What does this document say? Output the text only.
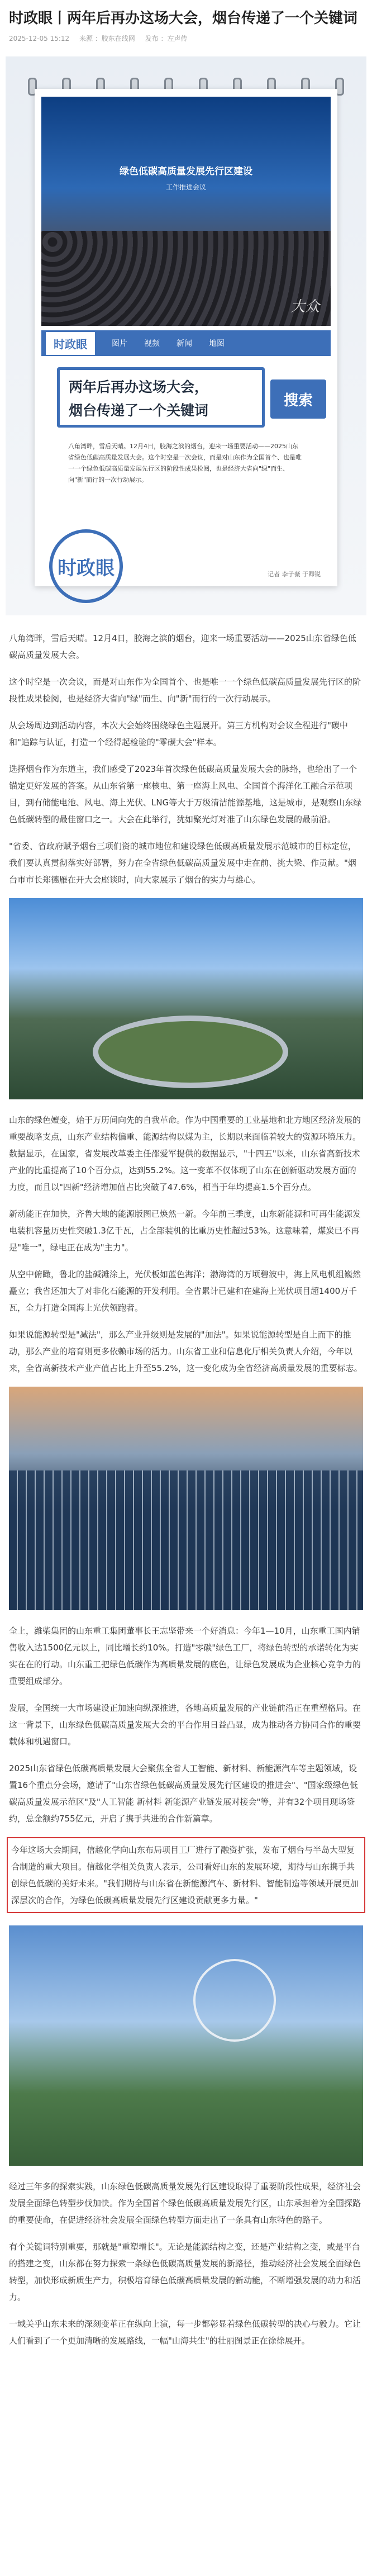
时政眼丨两年后再办这场大会，烟台传递了一个关键词
2025-12-05 15:12 来源 ：胶东在线网 发布 ：左声传
绿色低碳高质量发展先行区建设
工作推进会议
大众
时政眼	图片 视频 新闻 地图
两年后再办这场大会，
烟台传递了一个关键词
搜索
八角湾畔，雪后天晴。12月4日，胶海之滨的烟台，迎来一场重要活动——2025山东省绿色低碳高质量发展大会。这个时空是一次会议，而是对山东作为全国首个、也是唯一一个绿色低碳高质量发展先行区的阶段性成果检阅，也是经济大省向"绿"而生、向"新"而行的一次行动展示。
时政眼	记者 李子薇 于卿锐

八角湾畔，雪后天晴。12月4日，胶海之滨的烟台，迎来一场重要活动——2025山东省绿色低碳高质量发展大会。

这个时空是一次会议，而是对山东作为全国首个、也是唯一一个绿色低碳高质量发展先行区的阶段性成果检阅，也是经济大省向"绿"而生、向"新"而行的一次行动展示。

从会场周边到活动内容，本次大会始终围绕绿色主题展开。第三方机构对会议全程进行"碳中和"追踪与认证，打造一个经得起检验的"零碳大会"样本。

选择烟台作为东道主，我们感受了2023年首次绿色低碳高质量发展大会的脉络，也给出了一个锚定更好发展的答案。从山东省第一座核电、第一座海上风电、全国首个海洋化工融合示范项目，到有储能电池、风电、海上光伏、LNG等大于万级清洁能源基地，这是城市，是观察山东绿色低碳转型的最佳窗口之一。大会在此举行，犹如聚光灯对准了山东绿色发展的最前沿。

"省委、省政府赋予烟台三项们资的城市地位和建设绿色低碳高质量发展示范城市的目标定位，我们要认真贯彻落实好部署，努力在全省绿色低碳高质量发展中走在前、挑大梁、作贡献。"烟台市市长郑德雁在开大会座谈时，向大家展示了烟台的实力与雄心。

山东的绿色嬗变，始于万历间向先的自我革命。作为中国重要的工业基地和北方地区经济发展的重要战略支点，山东产业结构偏重、能源结构以煤为主，长期以来面临着较大的资源环境压力。数据显示，在国家，省发展改革委主任邵爱军提供的数据显示，"十四五"以来，山东省高新技术产业的比重提高了10个百分点，达到55.2%。这一变革不仅体现了山东在创新驱动发展方面的力度，而且以"四新"经济增加值占比突破了47.6%，相当于年均提高1.5个百分点。

新动能正在加快，齐鲁大地的能源版图已焕然一新。今年前三季度，山东新能源和可再生能源发电装机容量历史性突破1.3亿千瓦，占全部装机的比重历史性超过53%。这意味着，煤炭已不再是"唯一"，绿电正在成为"主力"。

从空中俯瞰，鲁北的盐碱滩涂上，光伏板如蓝色海洋；渤海湾的万顷碧波中，海上风电机组巍然矗立；我省还加大了对非化石能源的开发利用。全省累计已建和在建海上光伏项目超1400万千瓦，全力打造全国海上光伏领跑者。

如果说能源转型是"减法"，那么产业升级则是发展的"加法"。如果说能源转型是自上而下的推动，那么产业的培育则更多依赖市场的活力。山东省工业和信息化厅相关负责人介绍，今年以来，全省高新技术产业产值占比上升至55.2%，这一变化成为全省经济高质量发展的重要标志。

全上，潍柴集团的山东重工集团董事长王志坚带来一个好消息：今年1—10月，山东重工国内销售收入达1500亿元以上，同比增长约10%。打造"零碳"绿色工厂，将绿色转型的承诺转化为实实在在的行动。山东重工把绿色低碳作为高质量发展的底色，让绿色发展成为企业核心竞争力的重要组成部分。

发展，全国统一大市场建设正加速向纵深推进，各地高质量发展的产业链前沿正在重塑格局。在这一背景下，山东绿色低碳高质量发展大会的平台作用日益凸显，成为推动各方协同合作的重要载体和机遇窗口。

2025山东省绿色低碳高质量发展大会聚焦全省人工智能、新材料、新能源汽车等主题领域，设置16个重点分会场，邀请了"山东省绿色低碳高质量发展先行区建设的推进会"、"国家级绿色低碳高质量发展示范区"及"人工智能 新材料 新能源产业链发展对接会"等，并有32个项目现场签约，总金额约755亿元，开启了携手共进的合作新篇章。

今年这场大会期间，信越化学向山东布局项目工厂进行了融资扩张，发布了烟台与半岛大型复合制造的重大项目。信越化学相关负责人表示，公司看好山东的发展环境，期待与山东携手共创绿色低碳的美好未来。"我们期待与山东省在新能源汽车、新材料、智能制造等领域开展更加深层次的合作，为绿色低碳高质量发展先行区建设贡献更多力量。"

经过三年多的探索实践，山东绿色低碳高质量发展先行区建设取得了重要阶段性成果，经济社会发展全面绿色转型步伐加快。作为全国首个绿色低碳高质量发展先行区，山东承担着为全国探路的重要使命，在促进经济社会发展全面绿色转型方面走出了一条具有山东特色的路子。

有个关键词特别重要，那就是"重塑增长"。无论是能源结构之变，还是产业结构之变，或是平台的搭建之变，山东都在努力探索一条绿色低碳高质量发展的新路径，推动经济社会发展全面绿色转型，加快形成新质生产力，积极培育绿色低碳高质量发展的新动能，不断增强发展的动力和活力。

一域关乎山东未来的深刻变革正在纵向上演，每一步都彰显着绿色低碳转型的决心与毅力。它让人们看到了一个更加清晰的发展路线，一幅"山海共生"的壮丽图景正在徐徐展开。
